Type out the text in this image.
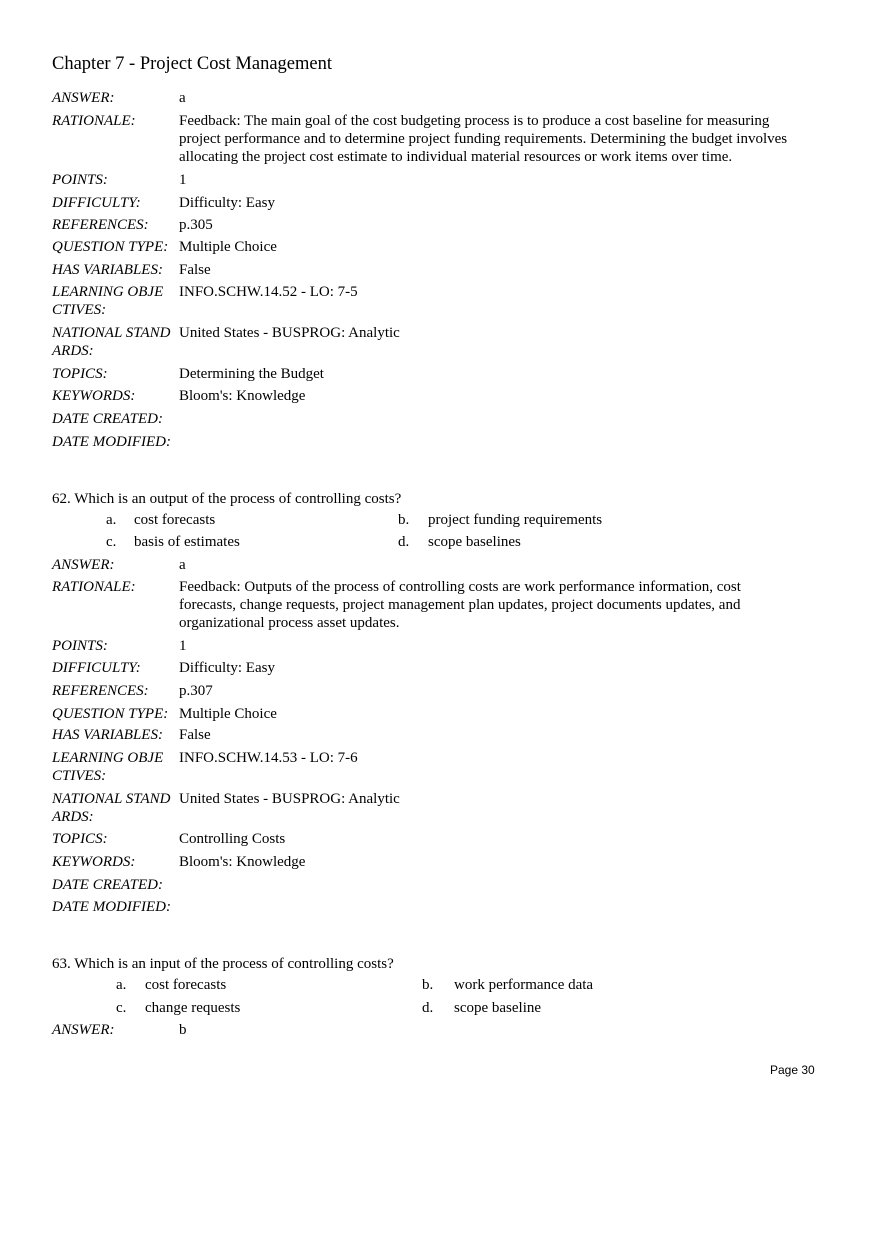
Chapter 7 - Project Cost Management
ANSWER:	a
RATIONALE:	Feedback: The main goal of the cost budgeting process is to produce a cost baseline for measuring
project performance and to determine project funding requirements. Determining the budget involves
allocating the project cost estimate to individual material resources or work items over time.
POINTS:	1
DIFFICULTY:	Difficulty: Easy
REFERENCES: p.305
QUESTION TYPE: Multiple Choice
HAS VARIABLES: False
LEARNING OBJE
CTIVES:
INFO.SCHW.14.52 - LO: 7-5
NATIONAL STAND
ARDS:
United States - BUSPROG: Analytic
TOPICS:	Determining the Budget
KEYWORDS:	Bloom's: Knowledge
DATE CREATED:
DATE MODIFIED:
62. Which is an output of the process of controlling costs?
a. cost forecasts	b. project funding requirements
c. basis of estimates	d. scope baselines
ANSWER:	a
RATIONALE:	Feedback: Outputs of the process of controlling costs are work performance information, cost
forecasts, change requests, project management plan updates, project documents updates, and
organizational process asset updates.
POINTS:	1
DIFFICULTY:	Difficulty: Easy
REFERENCES: p.307
QUESTION TYPE: Multiple Choice
HAS VARIABLES: False
LEARNING OBJE
CTIVES:
INFO.SCHW.14.53 - LO: 7-6
NATIONAL STAND
ARDS:
United States - BUSPROG: Analytic
TOPICS:	Controlling Costs
KEYWORDS:	Bloom's: Knowledge
DATE CREATED:
DATE MODIFIED:
63. Which is an input of the process of controlling costs?
a. cost forecasts	b. work performance data
c. change requests	d. scope baseline
ANSWER:	b
Page 30
